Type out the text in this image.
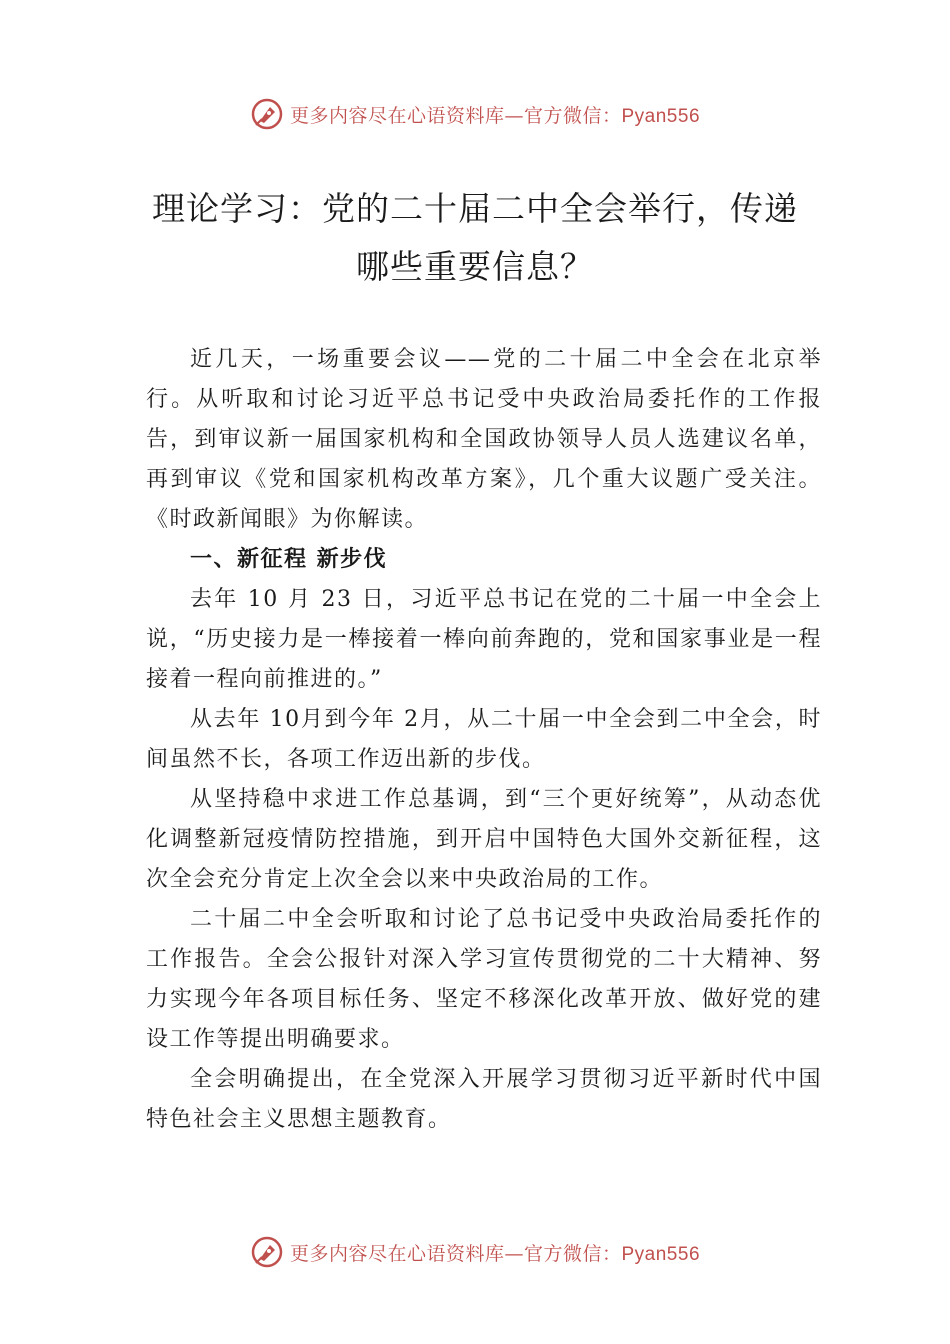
更多内容尽在心语资料库—官方微信：Pyan556
理论学习：党的二十届二中全会举行，传递哪些重要信息？

近几天，一场重要会议——党的二十届二中全会在北京举行。从听取和讨论习近平总书记受中央政治局委托作的工作报告，到审议新一届国家机构和全国政协领导人员人选建议名单，再到审议《党和国家机构改革方案》，几个重大议题广受关注。《时政新闻眼》为你解读。

一、新征程 新步伐

去年 10 月 23 日，习近平总书记在党的二十届一中全会上说，“历史接力是一棒接着一棒向前奔跑的，党和国家事业是一程接着一程向前推进的。”

从去年 10月到今年 2月，从二十届一中全会到二中全会，时间虽然不长，各项工作迈出新的步伐。

从坚持稳中求进工作总基调，到“三个更好统筹”，从动态优化调整新冠疫情防控措施，到开启中国特色大国外交新征程，这次全会充分肯定上次全会以来中央政治局的工作。

二十届二中全会听取和讨论了总书记受中央政治局委托作的工作报告。全会公报针对深入学习宣传贯彻党的二十大精神、努力实现今年各项目标任务、坚定不移深化改革开放、做好党的建设工作等提出明确要求。

全会明确提出，在全党深入开展学习贯彻习近平新时代中国特色社会主义思想主题教育。

更多内容尽在心语资料库—官方微信：Pyan556
